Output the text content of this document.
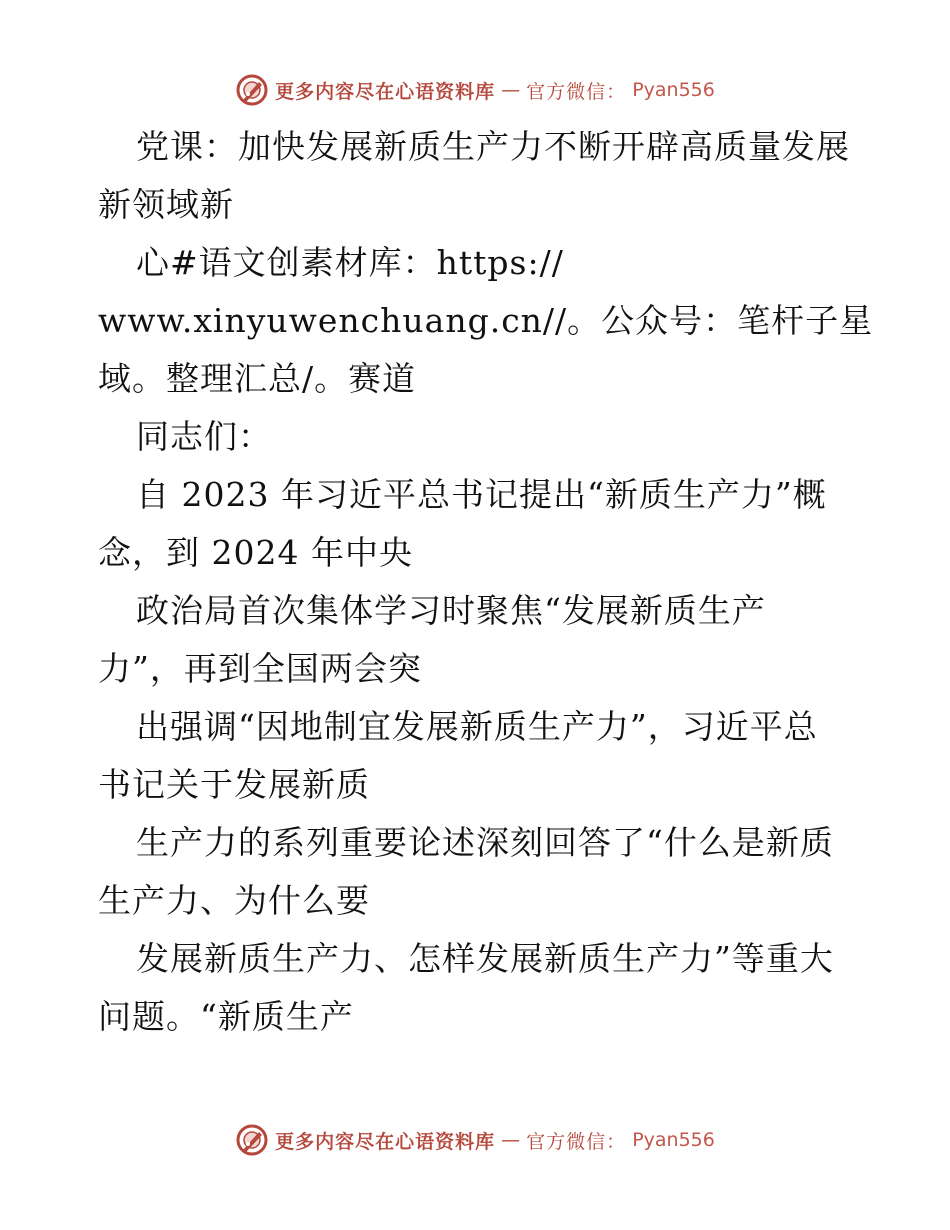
更多内容尽在心语资料库 — 官方微信： Pyan556
党课：加快发展新质生产力不断开辟高质量发展
新领域新
心#语文创素材库：https://
www.xinyuwenchuang.cn//。公众号：笔杆子星
域。整理汇总/。赛道
同志们：
自 2023 年习近平总书记提出“新质生产力”概
念，到 2024 年中央
政治局首次集体学习时聚焦“发展新质生产
力”，再到全国两会突
出强调“因地制宜发展新质生产力”，习近平总
书记关于发展新质
生产力的系列重要论述深刻回答了“什么是新质
生产力、为什么要
发展新质生产力、怎样发展新质生产力”等重大
问题。“新质生产
更多内容尽在心语资料库 — 官方微信： Pyan556
